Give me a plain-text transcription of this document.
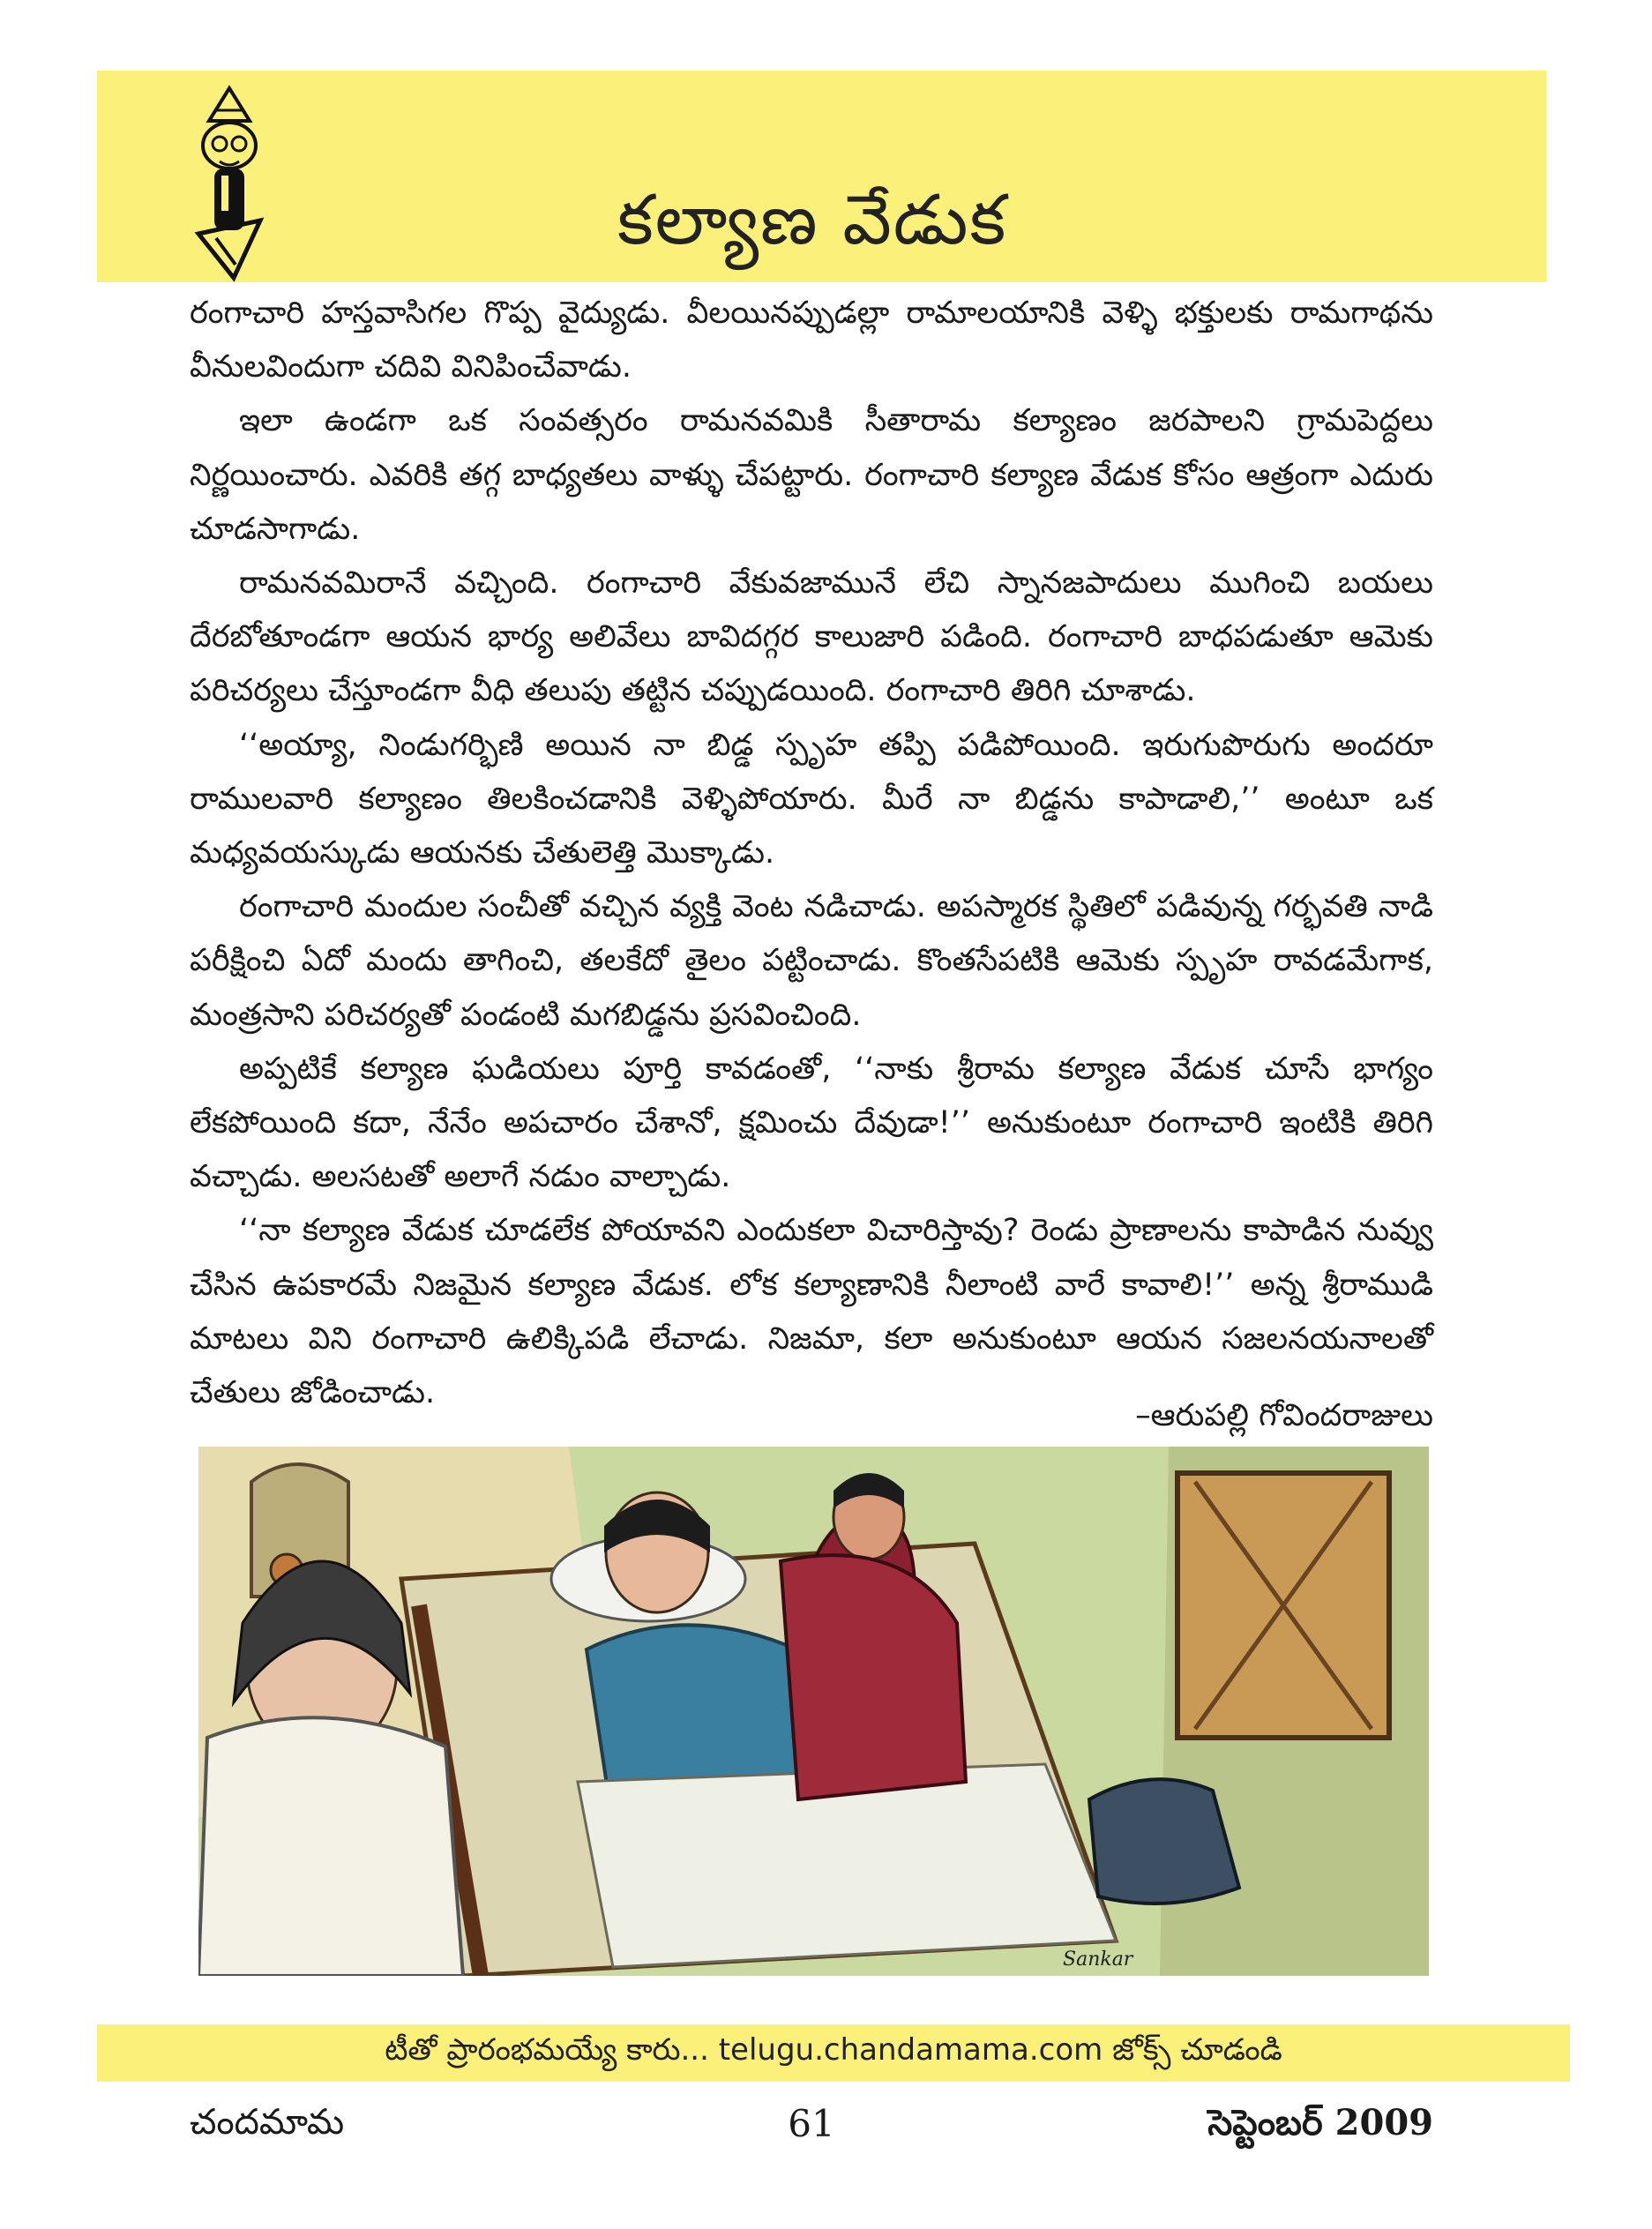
కల్యాణ వేడుక

రంగాచారి హస్తవాసిగల గొప్ప వైద్యుడు. వీలయినప్పుడల్లా రామాలయానికి వెళ్ళి భక్తులకు రామగాథను వీనులవిందుగా చదివి వినిపించేవాడు.

ఇలా ఉండగా ఒక సంవత్సరం రామనవమికి సీతారామ కల్యాణం జరపాలని గ్రామపెద్దలు నిర్ణయించారు. ఎవరికి తగ్గ బాధ్యతలు వాళ్ళు చేపట్టారు. రంగాచారి కల్యాణ వేడుక కోసం ఆత్రంగా ఎదురు చూడసాగాడు.

రామనవమిరానే వచ్చింది. రంగాచారి వేకువజామునే లేచి స్నానజపాదులు ముగించి బయలు దేరబోతూండగా ఆయన భార్య అలివేలు బావిదగ్గర కాలుజారి పడింది. రంగాచారి బాధపడుతూ ఆమెకు పరిచర్యలు చేస్తూండగా వీధి తలుపు తట్టిన చప్పుడయింది. రంగాచారి తిరిగి చూశాడు.

‘‘అయ్యా, నిండుగర్భిణి అయిన నా బిడ్డ స్పృహ తప్పి పడిపోయింది. ఇరుగుపొరుగు అందరూ రాములవారి కల్యాణం తిలకించడానికి వెళ్ళిపోయారు. మీరే నా బిడ్డను కాపాడాలి,’’ అంటూ ఒక మధ్యవయస్కుడు ఆయనకు చేతులెత్తి మొక్కాడు.

రంగాచారి మందుల సంచీతో వచ్చిన వ్యక్తి వెంట నడిచాడు. అపస్మారక స్థితిలో పడివున్న గర్భవతి నాడి పరీక్షించి ఏదో మందు తాగించి, తలకేదో తైలం పట్టించాడు. కొంతసేపటికి ఆమెకు స్పృహ రావడమేగాక, మంత్రసాని పరిచర్యతో పండంటి మగబిడ్డను ప్రసవించింది.

అప్పటికే కల్యాణ ఘడియలు పూర్తి కావడంతో, ‘‘నాకు శ్రీరామ కల్యాణ వేడుక చూసే భాగ్యం లేకపోయింది కదా, నేనేం అపచారం చేశానో, క్షమించు దేవుడా!’’ అనుకుంటూ రంగాచారి ఇంటికి తిరిగి వచ్చాడు. అలసటతో అలాగే నడుం వాల్చాడు.

‘‘నా కల్యాణ వేడుక చూడలేక పోయావని ఎందుకలా విచారిస్తావు? రెండు ప్రాణాలను కాపాడిన నువ్వు చేసిన ఉపకారమే నిజమైన కల్యాణ వేడుక. లోక కల్యాణానికి నీలాంటి వారే కావాలి!’’ అన్న శ్రీరాముడి మాటలు విని రంగాచారి ఉలిక్కిపడి లేచాడు. నిజమా, కలా అనుకుంటూ ఆయన సజలనయనాలతో చేతులు జోడించాడు.

–ఆరుపల్లి గోవిందరాజులు
Sankar
టీతో ప్రారంభమయ్యే కారు... telugu.chandamama.com జోక్స్ చూడండి
చందమామ	61	సెప్టెంబర్ 2009
